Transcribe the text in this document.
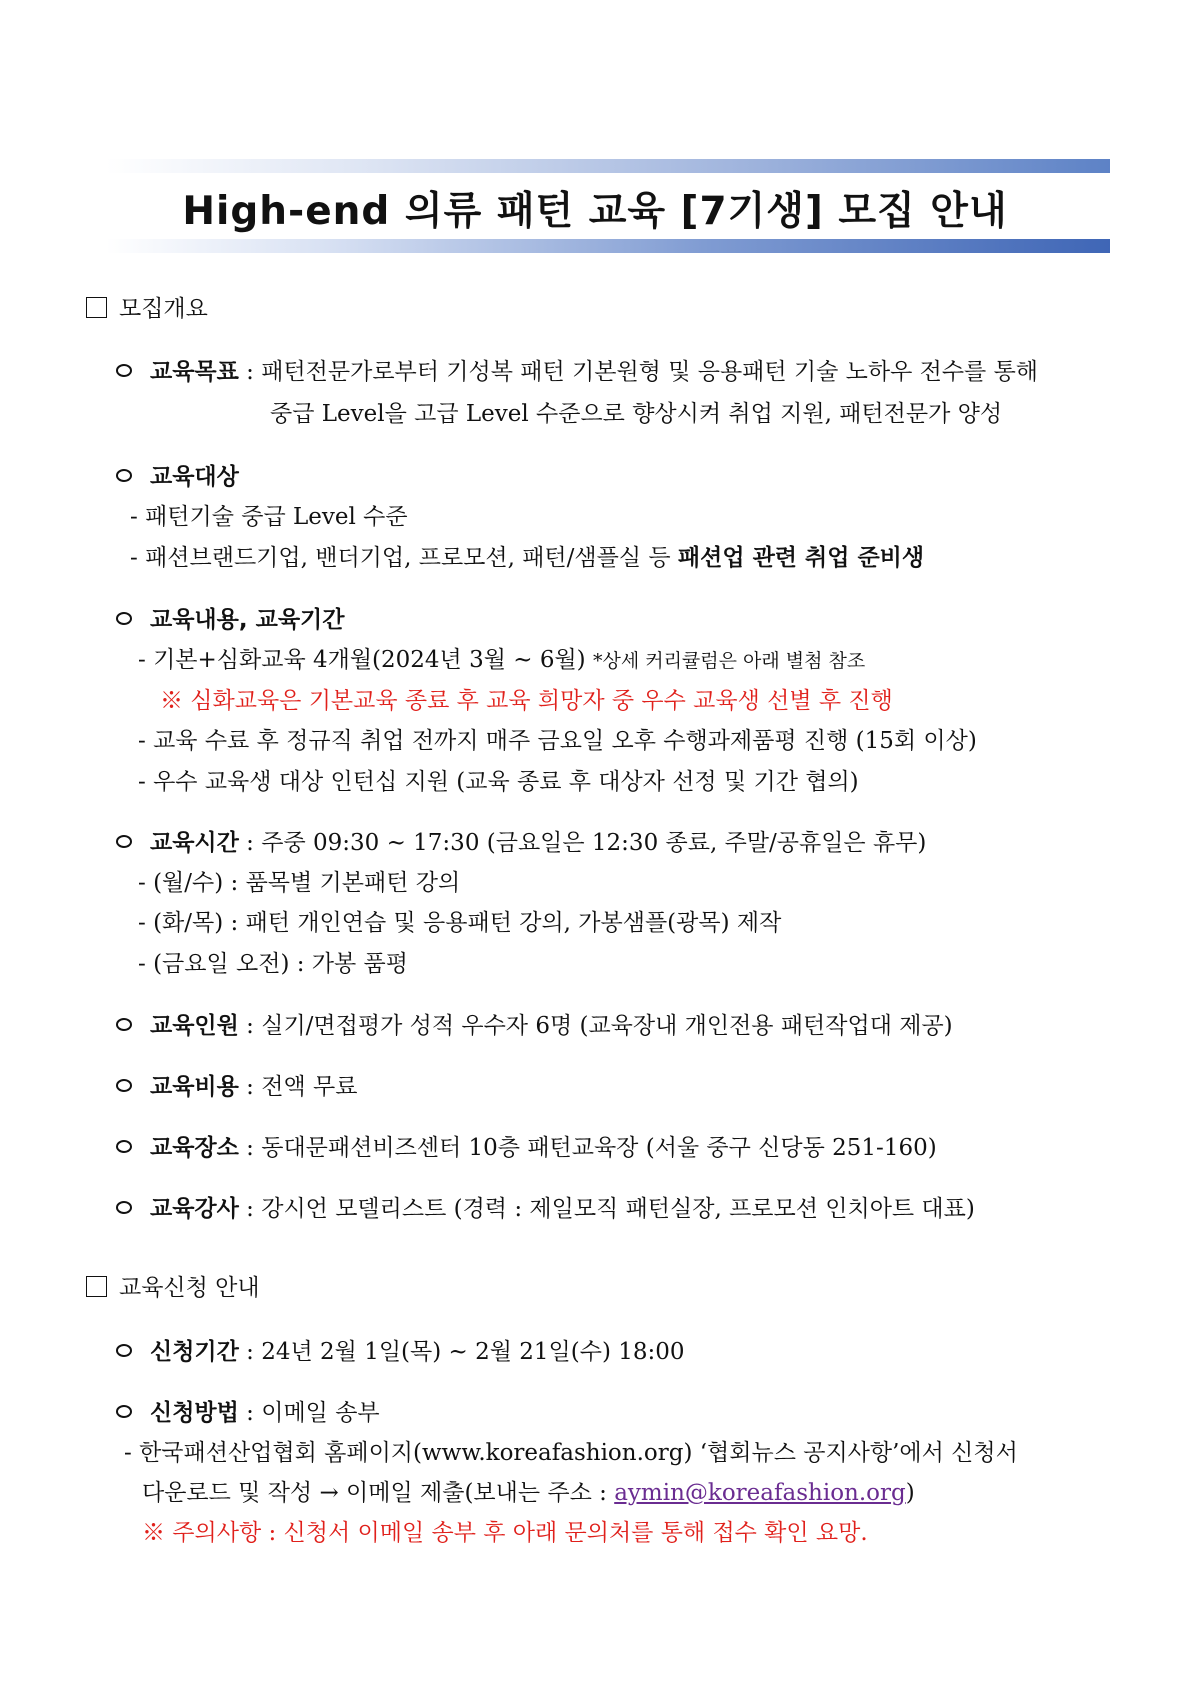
High-end 의류 패턴 교육 [7기생] 모집 안내
모집개요
교육목표 : 패턴전문가로부터 기성복 패턴 기본원형 및 응용패턴 기술 노하우 전수를 통해
중급 Level을 고급 Level 수준으로 향상시켜 취업 지원, 패턴전문가 양성
교육대상
- 패턴기술 중급 Level 수준
- 패션브랜드기업, 밴더기업, 프로모션, 패턴/샘플실 등 패션업 관련 취업 준비생
교육내용, 교육기간
- 기본+심화교육 4개월(2024년 3월 ~ 6월) *상세 커리큘럼은 아래 별첨 참조
※ 심화교육은 기본교육 종료 후 교육 희망자 중 우수 교육생 선별 후 진행
- 교육 수료 후 정규직 취업 전까지 매주 금요일 오후 수행과제품평 진행 (15회 이상)
- 우수 교육생 대상 인턴십 지원 (교육 종료 후 대상자 선정 및 기간 협의)
교육시간 : 주중 09:30 ~ 17:30 (금요일은 12:30 종료, 주말/공휴일은 휴무)
- (월/수) : 품목별 기본패턴 강의
- (화/목) : 패턴 개인연습 및 응용패턴 강의, 가봉샘플(광목) 제작
- (금요일 오전) : 가봉 품평
교육인원 : 실기/면접평가 성적 우수자 6명 (교육장내 개인전용 패턴작업대 제공)
교육비용 : 전액 무료
교육장소 : 동대문패션비즈센터 10층 패턴교육장 (서울 중구 신당동 251-160)
교육강사 : 강시언 모델리스트 (경력 : 제일모직 패턴실장, 프로모션 인치아트 대표)
교육신청 안내
신청기간 : 24년 2월 1일(목) ~ 2월 21일(수) 18:00
신청방법 : 이메일 송부
- 한국패션산업협회 홈페이지(www.koreafashion.org) ‘협회뉴스 공지사항’에서 신청서
다운로드 및 작성 → 이메일 제출(보내는 주소 : aymin@koreafashion.org)
※ 주의사항 : 신청서 이메일 송부 후 아래 문의처를 통해 접수 확인 요망.
